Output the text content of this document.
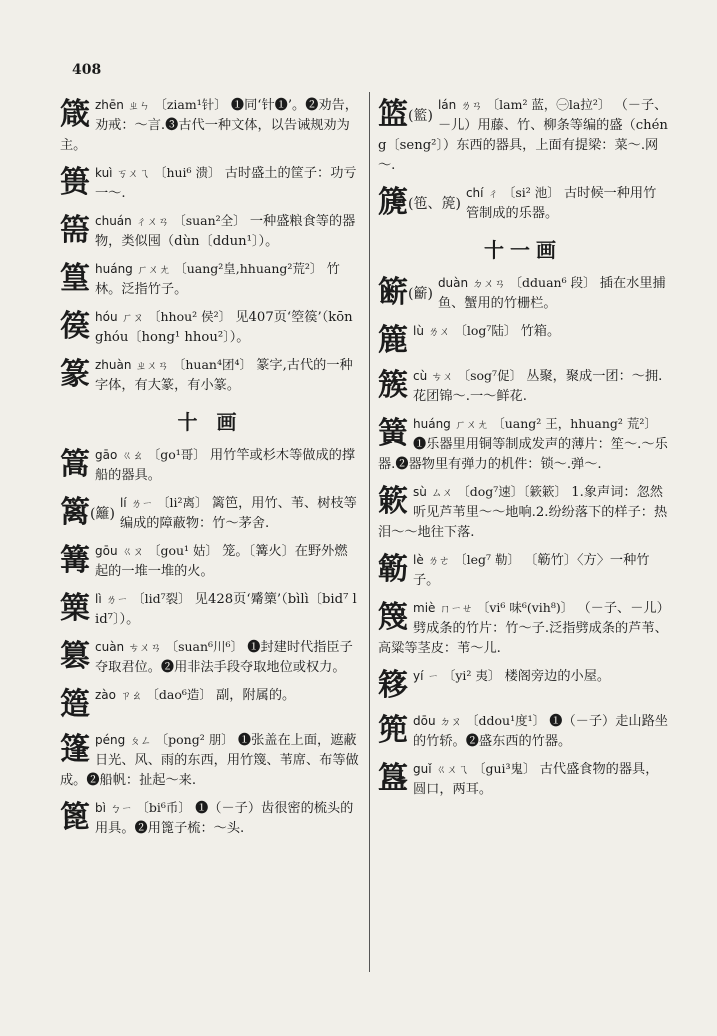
408
箴zhēn ㄓㄣ 〔ziam¹针〕 ❶同‘针❶’。❷劝告，劝戒：～言.❸古代一种文体，以告诫规劝为主。
篑kuì ㄎㄨㄟ 〔hui⁶ 溃〕 古时盛土的筐子：功亏一～.
篅chuán ㄔㄨㄢ 〔suan²全〕 一种盛粮食等的器物，类似囤（dùn〔ddun¹〕）。
篁huáng ㄏㄨㄤ 〔uang²皇,hhuang²荒²〕 竹林。泛指竹子。
篌hóu ㄏㄡ 〔hhou² 侯²〕 见407页‘箜篌’（kōnghóu〔hong¹ hhou²〕）。
篆zhuàn ㄓㄨㄢ 〔huan⁴团⁴〕 篆字,古代的一种字体，有大篆，有小篆。
十 画
篙gāo ㄍㄠ 〔go¹哥〕 用竹竿或杉木等做成的撑船的器具。
篱(籬)
lí ㄌㄧ 〔li²离〕 篱笆，用竹、苇、树枝等编成的障蔽物：竹～茅舍.
篝gōu ㄍㄡ 〔gou¹ 姑〕 笼。〔篝火〕在野外燃起的一堆一堆的火。
篥lì ㄌㄧ 〔lid⁷裂〕 见428页‘觱篥’（bìlì〔bid⁷ lid⁷〕）。
篡cuàn ㄘㄨㄢ 〔suan⁶川⁶〕 ❶封建时代指臣子夺取君位。❷用非法手段夺取地位或权力。
簉zào ㄗㄠ 〔dao⁶造〕 副，附属的。
篷péng ㄆㄥ 〔pong² 朋〕 ❶张盖在上面，遮蔽日光、风、雨的东西，用竹篾、苇席、布等做成。❷船帆：扯起～来.
篦bì ㄅㄧ 〔bi⁶币〕 ❶（－子）齿很密的梳头的用具。❷用篦子梳：～头.
篮(籃)
lán ㄌㄢ 〔lam² 蓝，㊀la拉²〕 （－子、－儿）用藤、竹、柳条等编的盛（chéng〔seng²〕）东西的器具，上面有提梁：菜～.网～.
篪(竾、箎)
chí ㄔ 〔si² 池〕 古时候一种用竹管制成的乐器。
十一画
簖(籪)
duàn ㄉㄨㄢ 〔dduan⁶ 段〕 插在水里捕鱼、蟹用的竹栅栏。
簏lù ㄌㄨ 〔log⁷陆〕 竹箱。
簇cù ㄘㄨ 〔sog⁷促〕 丛聚，聚成一团：～拥.花团锦～.一～鲜花.
簧huáng ㄏㄨㄤ 〔uang² 王，hhuang² 荒²〕 ❶乐器里用铜等制成发声的薄片：笙～.～乐器.❷器物里有弹力的机件：锁～.弹～.
簌sù ㄙㄨ 〔dog⁷速〕〔簌簌〕 1.象声词：忽然听见芦苇里～～地响.2.纷纷落下的样子：热泪～～地往下落.
簕lè ㄌㄜ 〔leg⁷ 勒〕 〔簕竹〕〈方〉一种竹子。
篾miè ㄇㄧㄝ 〔vi⁶ 味⁶(vih⁸)〕 （－子、－儿）劈成条的竹片：竹～子.泛指劈成条的芦苇、高粱等茎皮：苇～儿.
簃yí ㄧ 〔yi² 夷〕 楼阁旁边的小屋。
篼dōu ㄉㄡ 〔ddou¹度¹〕 ❶（－子）走山路坐的竹轿。❷盛东西的竹器。
簋guǐ ㄍㄨㄟ 〔gui³鬼〕 古代盛食物的器具，圆口，两耳。
